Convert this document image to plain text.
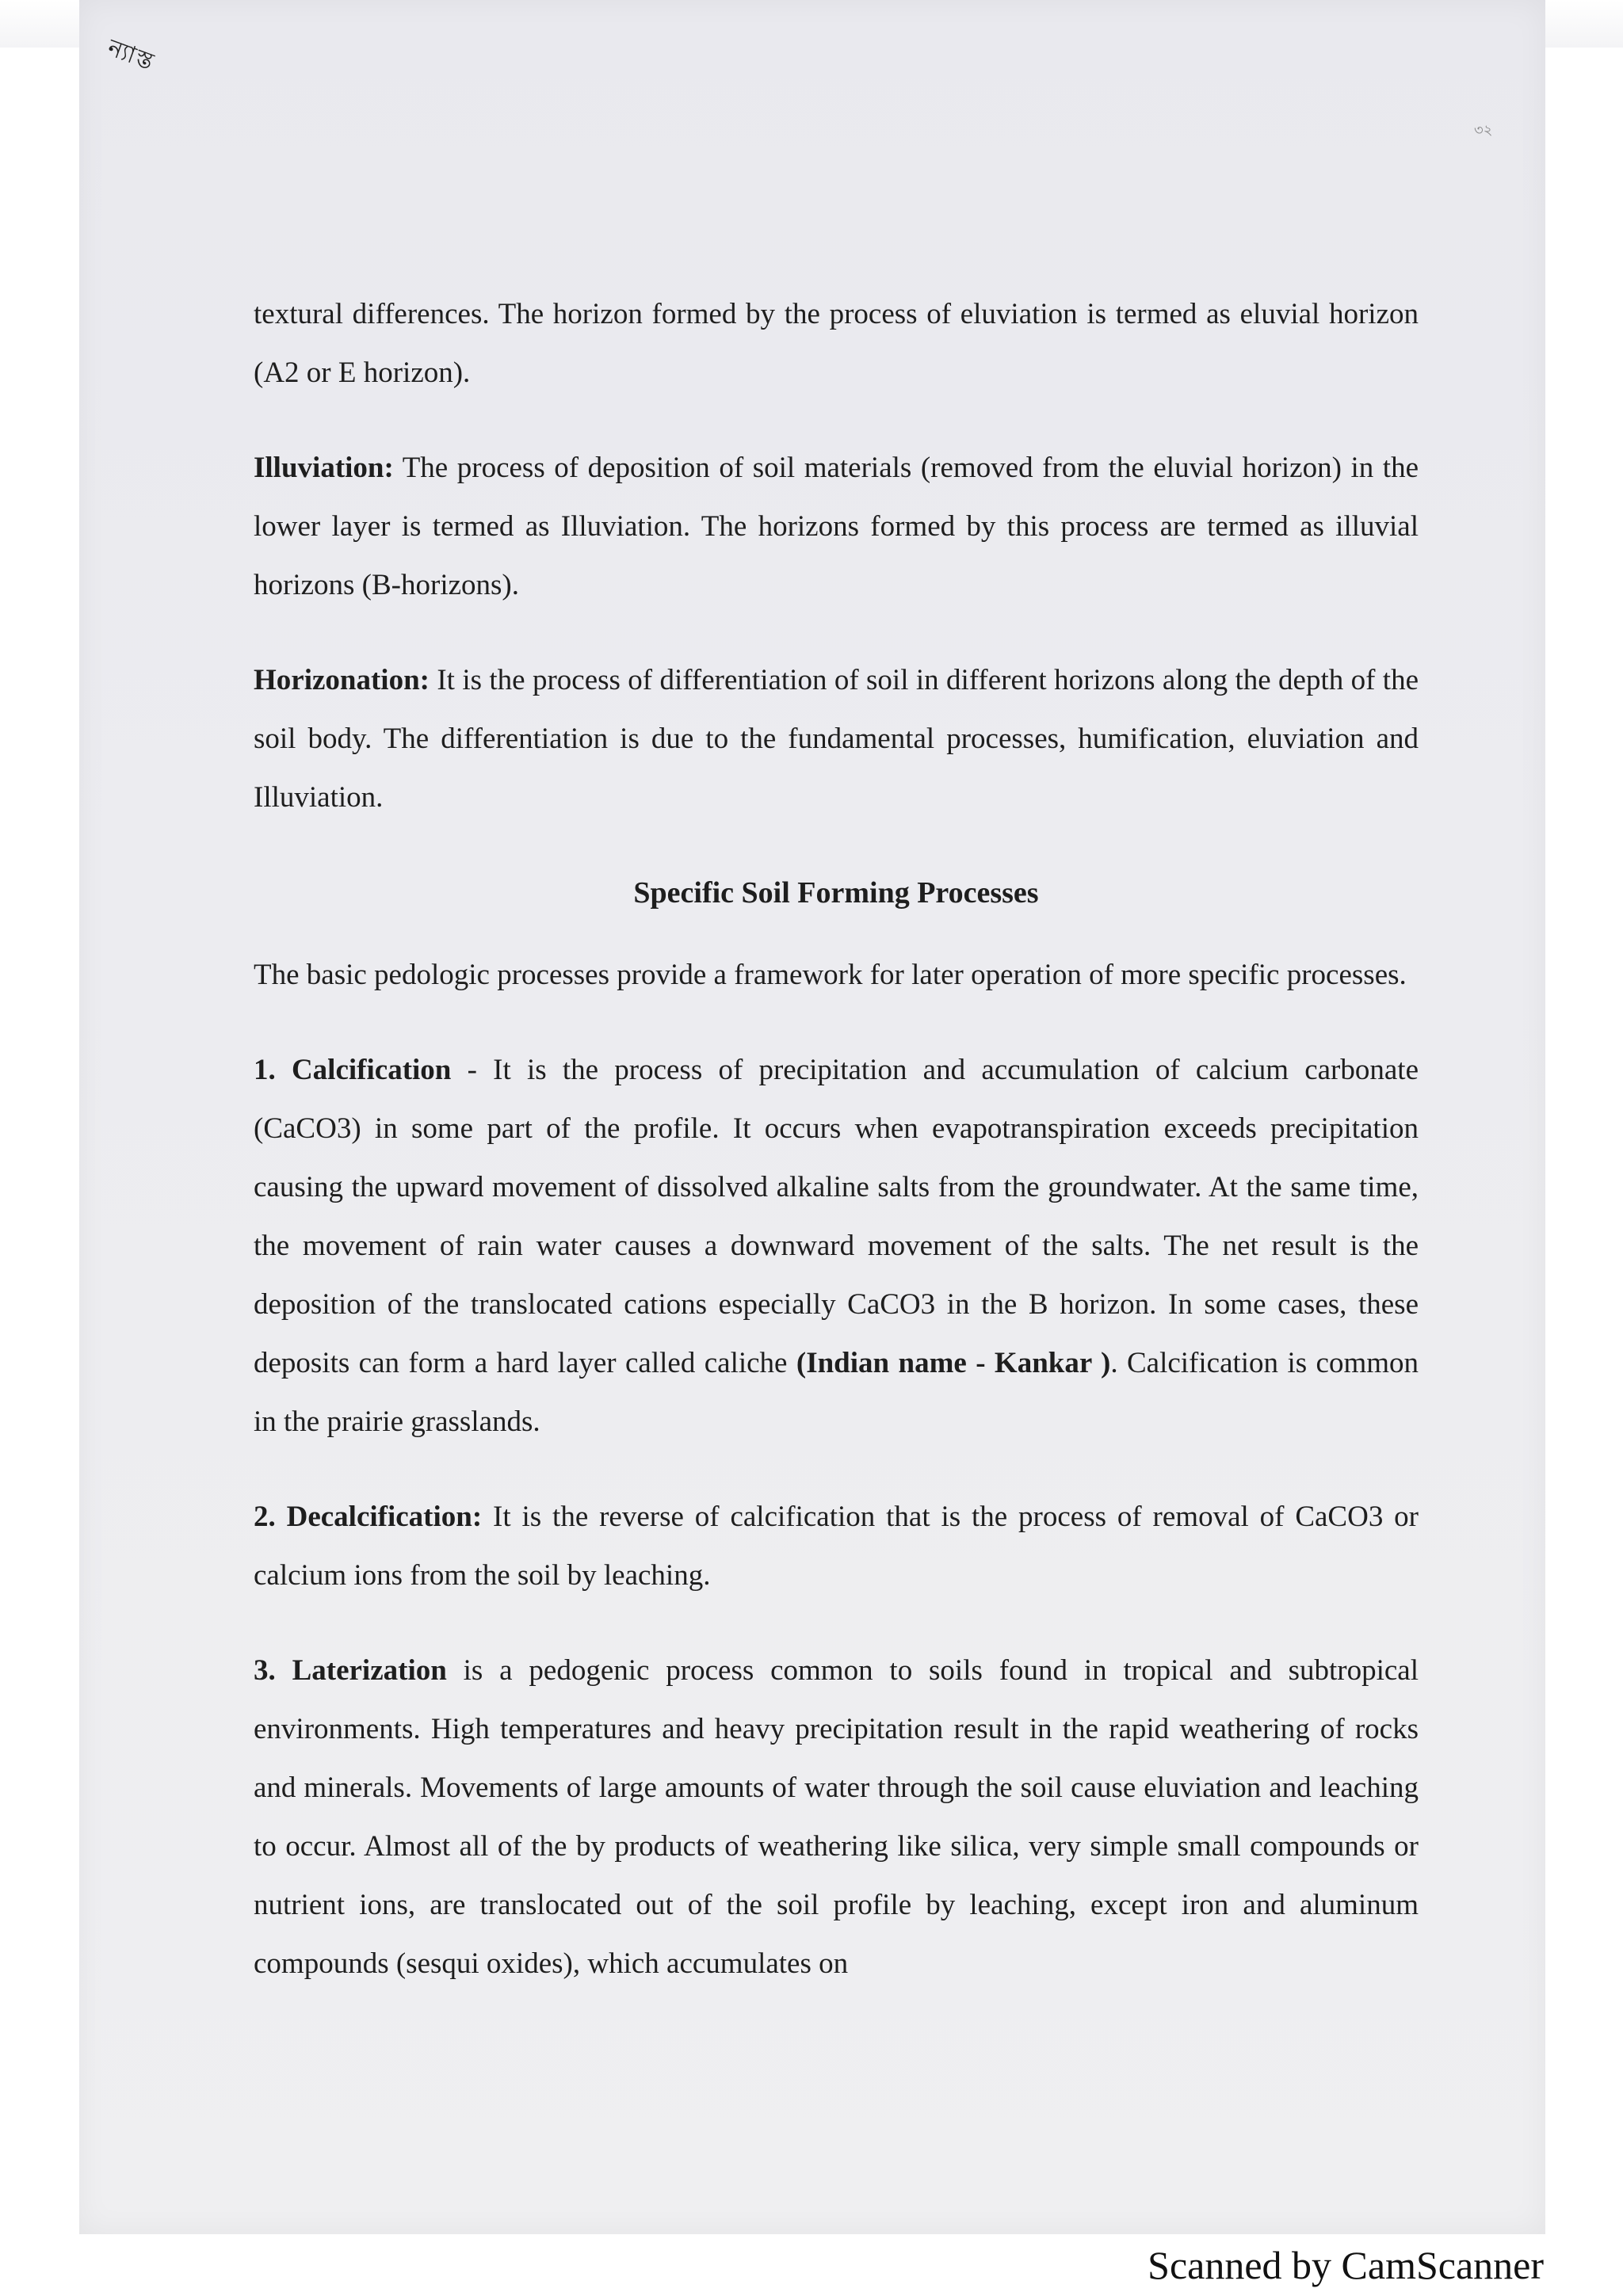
ন্যাস্ত
৩২

textural differences. The horizon formed by the process of eluviation is termed as eluvial horizon (A2 or E horizon).

Illuviation: The process of deposition of soil materials (removed from the eluvial horizon) in the lower layer is termed as Illuviation. The horizons formed by this process are termed as illuvial horizons (B-horizons).

Horizonation: It is the process of differentiation of soil in different horizons along the depth of the soil body. The differentiation is due to the fundamental processes, humification, eluviation and Illuviation.

Specific Soil Forming Processes

The basic pedologic processes provide a framework for later operation of more specific processes.

1. Calcification - It is the process of precipitation and accumulation of calcium carbonate (CaCO3) in some part of the profile. It occurs when evapotranspiration exceeds precipitation causing the upward movement of dissolved alkaline salts from the groundwater. At the same time, the movement of rain water causes a downward movement of the salts. The net result is the deposition of the translocated cations especially CaCO3 in the B horizon. In some cases, these deposits can form a hard layer called caliche (Indian name - Kankar ). Calcification is common in the prairie grasslands.

2. Decalcification: It is the reverse of calcification that is the process of removal of CaCO3 or calcium ions from the soil by leaching.

3. Laterization is a pedogenic process common to soils found in tropical and subtropical environments. High temperatures and heavy precipitation result in the rapid weathering of rocks and minerals. Movements of large amounts of water through the soil cause eluviation and leaching to occur. Almost all of the by products of weathering like silica, very simple small compounds or nutrient ions, are translocated out of the soil profile by leaching, except iron and aluminum compounds (sesqui oxides), which accumulates on

Scanned by CamScanner
